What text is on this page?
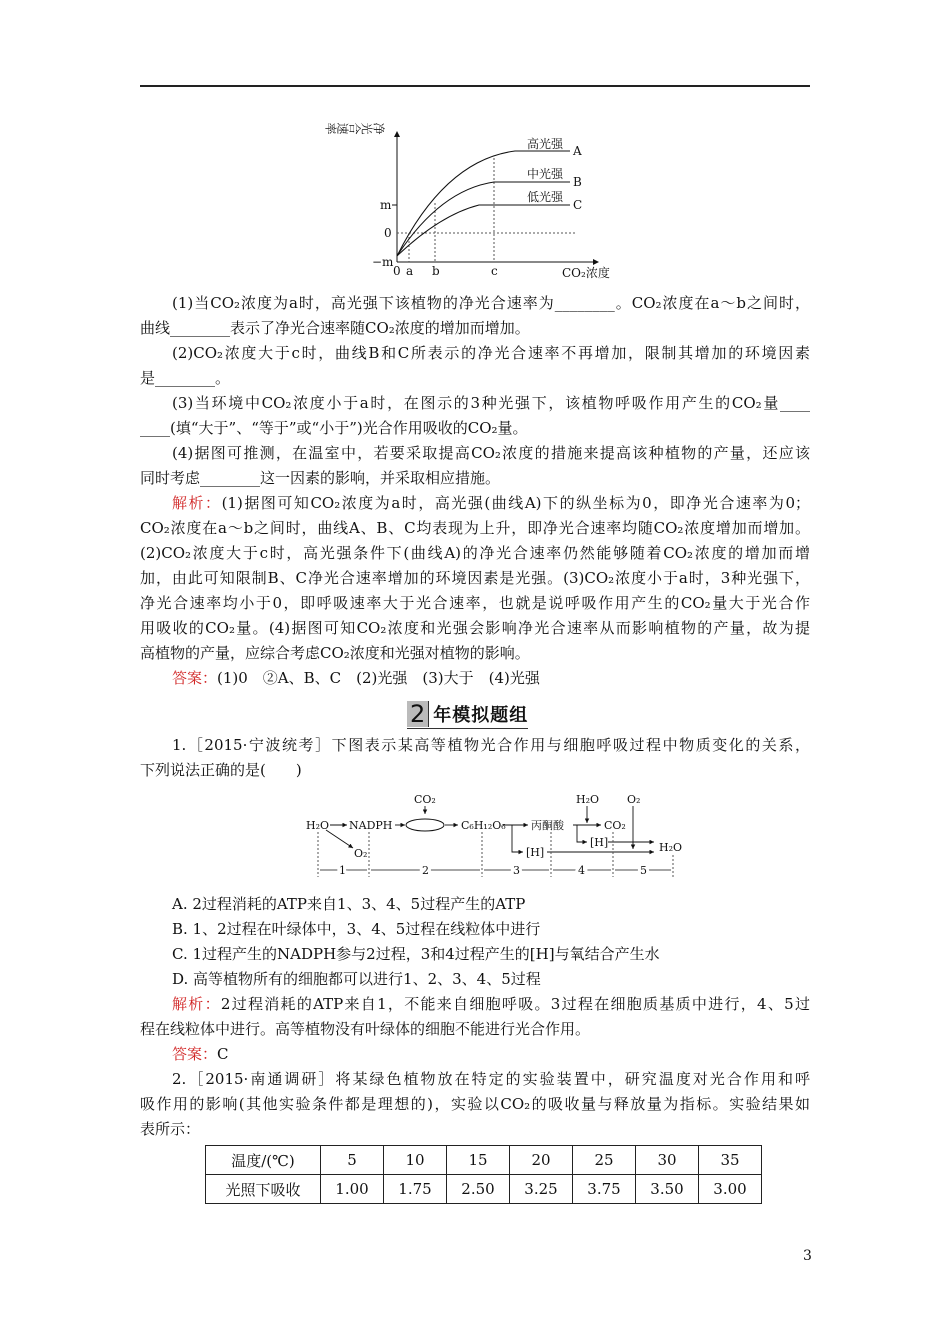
净光合速率
m
0
−m
0 a b	c	CO₂浓度
高光强 A
中光强
B
低光强
C
(1)当CO₂浓度为a时，高光强下该植物的净光合速率为________。CO₂浓度在a～b之间时，
曲线________表示了净光合速率随CO₂浓度的增加而增加。
(2)CO₂浓度大于c时，曲线B和C所表示的净光合速率不再增加，限制其增加的环境因素
是________。
(3)当环境中CO₂浓度小于a时，在图示的3种光强下，该植物呼吸作用产生的CO₂量____
____(填“大于”、“等于”或“小于”)光合作用吸收的CO₂量。
(4)据图可推测，在温室中，若要采取提高CO₂浓度的措施来提高该种植物的产量，还应该
同时考虑________这一因素的影响，并采取相应措施。
解析：(1)据图可知CO₂浓度为a时，高光强(曲线A)下的纵坐标为0，即净光合速率为0；
CO₂浓度在a～b之间时，曲线A、B、C均表现为上升，即净光合速率均随CO₂浓度增加而增加。
(2)CO₂浓度大于c时，高光强条件下(曲线A)的净光合速率仍然能够随着CO₂浓度的增加而增
加，由此可知限制B、C净光合速率增加的环境因素是光强。(3)CO₂浓度小于a时，3种光强下，
净光合速率均小于0，即呼吸速率大于光合速率，也就是说呼吸作用产生的CO₂量大于光合作
用吸收的CO₂量。(4)据图可知CO₂浓度和光强会影响净光合速率从而影响植物的产量，故为提
高植物的产量，应综合考虑CO₂浓度和光强对植物的影响。
答案：(1)0　②A、B、C　(2)光强　(3)大于　(4)光强
2 年模拟题组
1.［2015·宁波统考］下图表示某高等植物光合作用与细胞呼吸过程中物质变化的关系，
下列说法正确的是(　　)
H₂O NADPH
CO₂
C₆H₁₂O₆ 丙酮酸
H₂O	O₂
CO₂
[H]
[H]	H₂O
O₂
1	2	3	4	5
A. 2过程消耗的ATP来自1、3、4、5过程产生的ATP
B. 1、2过程在叶绿体中，3、4、5过程在线粒体中进行
C. 1过程产生的NADPH参与2过程，3和4过程产生的[H]与氧结合产生水
D. 高等植物所有的细胞都可以进行1、2、3、4、5过程
解析：2过程消耗的ATP来自1，不能来自细胞呼吸。3过程在细胞质基质中进行，4、5过
程在线粒体中进行。高等植物没有叶绿体的细胞不能进行光合作用。
答案：C
2.［2015·南通调研］将某绿色植物放在特定的实验装置中，研究温度对光合作用和呼
吸作用的影响(其他实验条件都是理想的)，实验以CO₂的吸收量与释放量为指标。实验结果如
表所示：
温度/(℃)	5	10	15	20	25	30	35
光照下吸收	1.00	1.75	2.50	3.25	3.75	3.50	3.00
3
